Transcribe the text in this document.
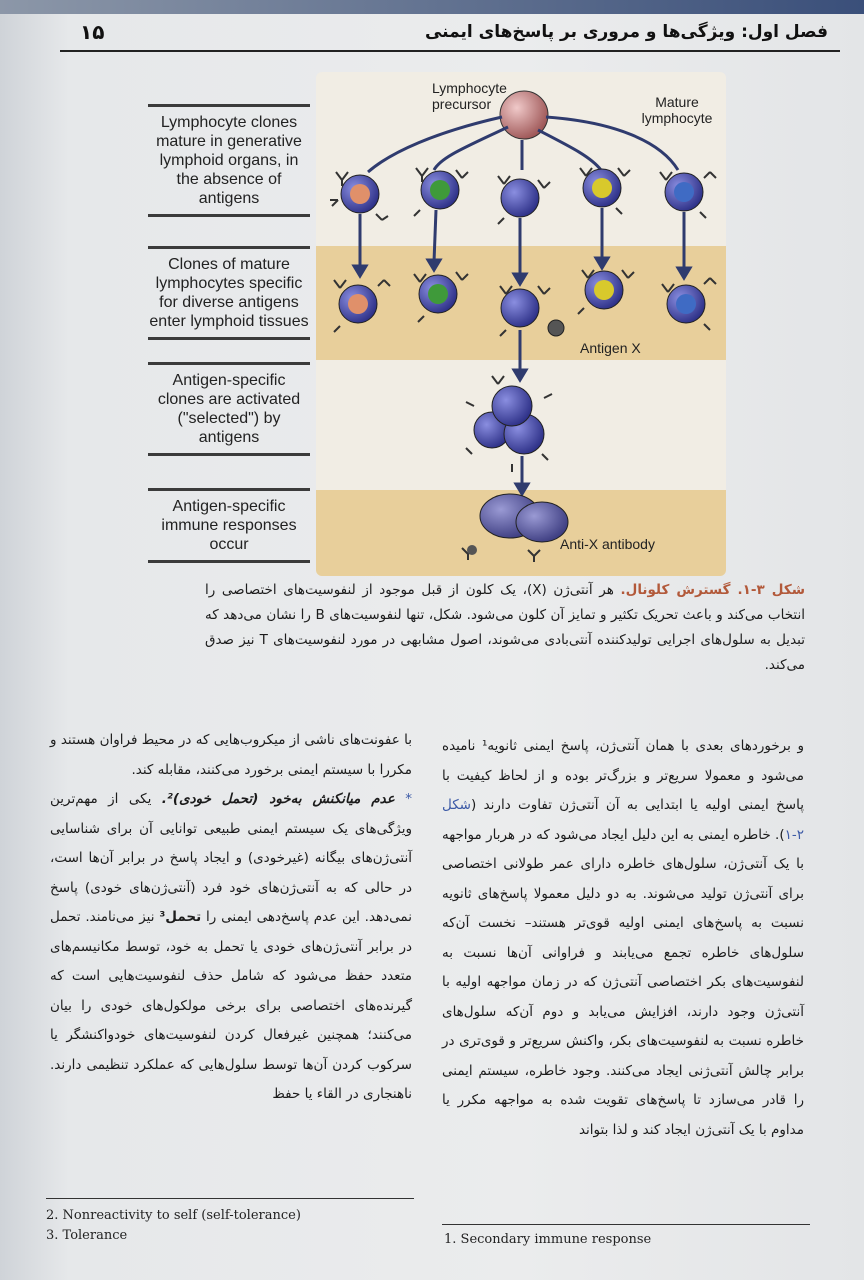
۱۵	فصل اول: ویژگی‌ها و مروری بر پاسخ‌های ایمنی
Lymphocyte precursor	Mature lymphocyte
Antigen X
Anti-X antibody
Lymphocyte clones mature in generative lymphoid organs, in the absence of antigens
Clones of mature lymphocytes specific for diverse antigens enter lymphoid tissues
Antigen-specific clones are activated ("selected") by antigens
Antigen-specific immune responses occur
شکل ۳-۱. گسترش کلونال. هر آنتی‌ژن (X)، یک کلون از قبل موجود از لنفوسیت‌های اختصاصی را انتخاب می‌کند و باعث تحریک تکثیر و تمایز آن کلون می‌شود. شکل، تنها لنفوسیت‌های B را نشان می‌دهد که تبدیل به سلول‌های اجرایی تولیدکننده آنتی‌بادی می‌شوند، اصول مشابهی در مورد لنفوسیت‌های T نیز صدق می‌کند.
و برخوردهای بعدی با همان آنتی‌ژن، پاسخ ایمنی ثانویه¹ نامیده می‌شود و معمولا سریع‌تر و بزرگ‌تر بوده و از لحاظ کیفیت با پاسخ ایمنی اولیه یا ابتدایی به آن آنتی‌ژن تفاوت دارند (شکل ۲-۱). خاطره ایمنی به این دلیل ایجاد می‌شود که در هربار مواجهه با یک آنتی‌ژن، سلول‌های خاطره دارای عمر طولانی اختصاصی برای آنتی‌ژن تولید می‌شوند. به دو دلیل معمولا پاسخ‌های ثانویه نسبت به پاسخ‌های ایمنی اولیه قوی‌تر هستند– نخست آن‌که سلول‌های خاطره تجمع می‌یابند و فراوانی آن‌ها نسبت به لنفوسیت‌های بکر اختصاصی آنتی‌ژن که در زمان مواجهه اولیه با آنتی‌ژن وجود دارند، افزایش می‌یابد و دوم آن‌که سلول‌های خاطره نسبت به لنفوسیت‌های بکر، واکنش سریع‌تر و قوی‌تری در برابر چالش آنتی‌ژنی ایجاد می‌کنند. وجود خاطره، سیستم ایمنی را قادر می‌سازد تا پاسخ‌های تقویت شده به مواجهه مکرر یا مداوم با یک آنتی‌ژن ایجاد کند و لذا بتواند
با عفونت‌های ناشی از میکروب‌هایی که در محیط فراوان هستند و مکررا با سیستم ایمنی برخورد می‌کنند، مقابله کند.
* عدم میانکنش به‌خود (تحمل خودی)². یکی از مهم‌ترین ویژگی‌های یک سیستم ایمنی طبیعی توانایی آن برای شناسایی آنتی‌ژن‌های بیگانه (غیرخودی) و ایجاد پاسخ در برابر آن‌ها است، در حالی که به آنتی‌ژن‌های خود فرد (آنتی‌ژن‌های خودی) پاسخ نمی‌دهد. این عدم پاسخ‌دهی ایمنی را تحمل³ نیز می‌نامند. تحمل در برابر آنتی‌ژن‌های خودی یا تحمل به خود، توسط مکانیسم‌های متعدد حفظ می‌شود که شامل حذف لنفوسیت‌هایی است که گیرنده‌های اختصاصی برای برخی مولکول‌های خودی را بیان می‌کنند؛ همچنین غیرفعال کردن لنفوسیت‌های خودواکنشگر یا سرکوب کردن آن‌ها توسط سلول‌هایی که عملکرد تنظیمی دارند. ناهنجاری در القاء یا حفظ
2. Nonreactivity to self (self-tolerance)
3. Tolerance	1. Secondary immune response
